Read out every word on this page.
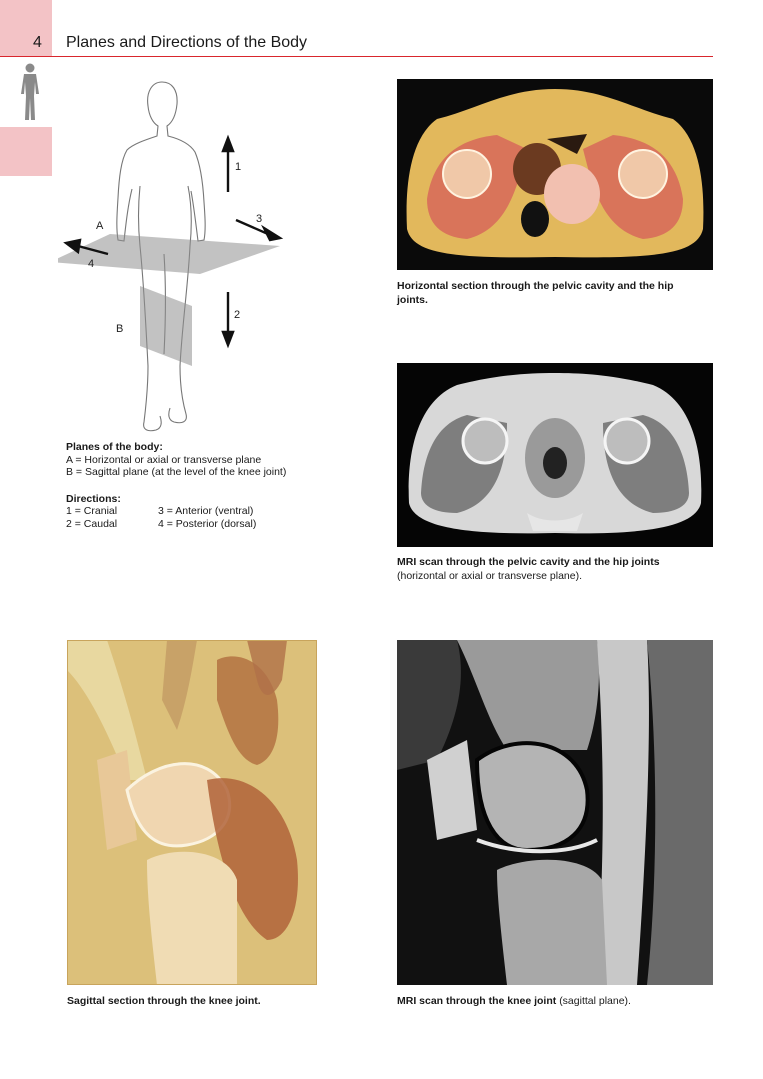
4 Planes and Directions of the Body
1
2
3
4
A
B
Planes of the body:
A = Horizontal or axial or transverse plane
B = Sagittal plane (at the level of the knee joint)
Directions:
1 = Cranial	3 = Anterior (ventral)
2 = Caudal	4 = Posterior (dorsal)
Horizontal section through the pelvic cavity and the hip joints.
MRI scan through the pelvic cavity and the hip joints
(horizontal or axial or transverse plane).
Sagittal section through the knee joint.	MRI scan through the knee joint (sagittal plane).
